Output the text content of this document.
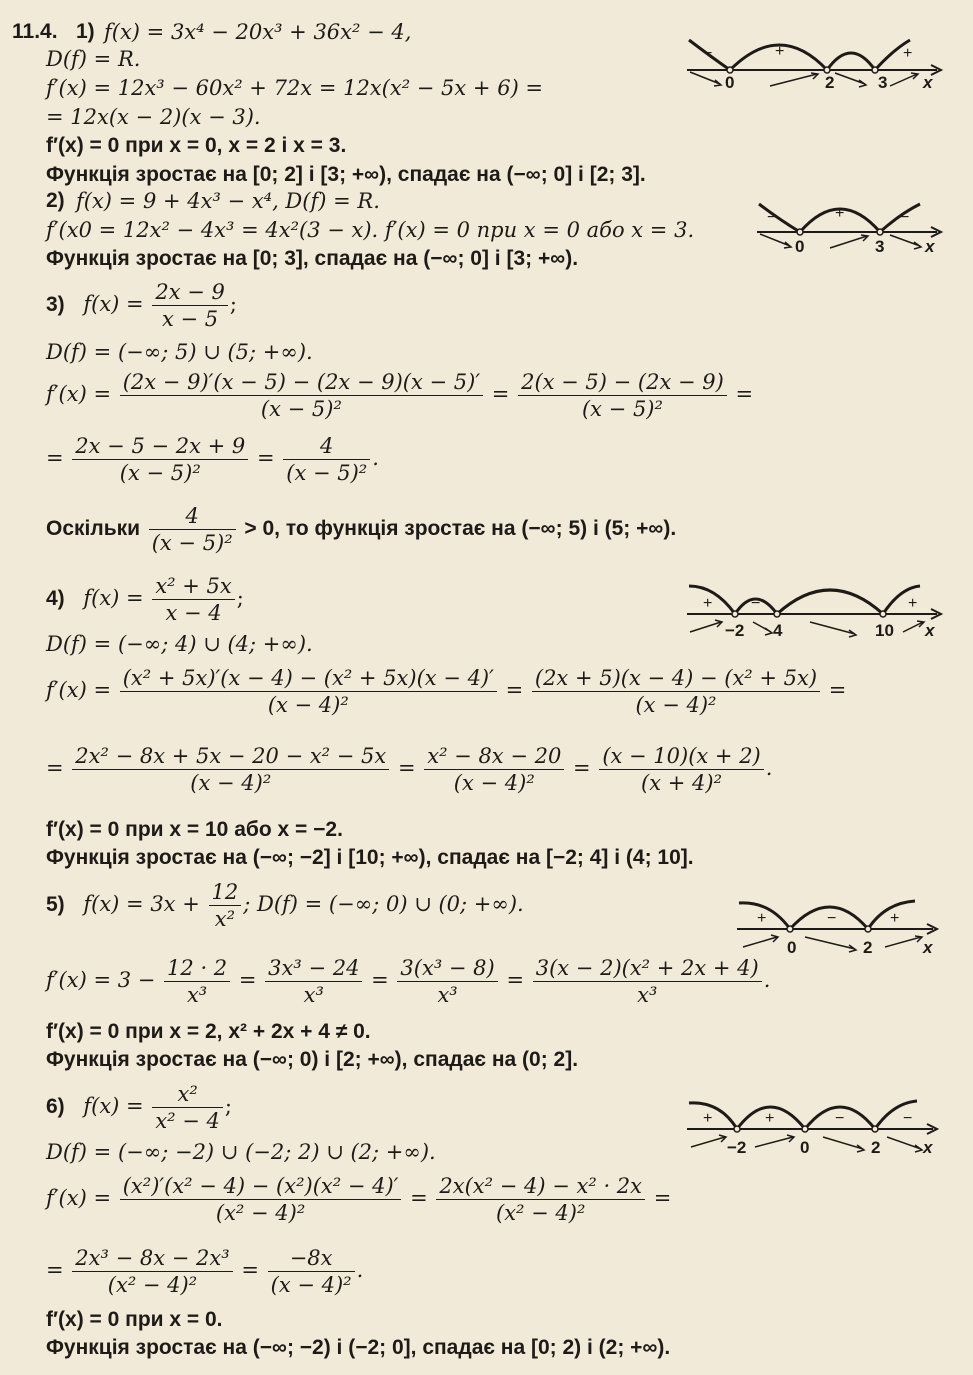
11.4. 1) f(x) = 3x⁴ − 20x³ + 36x² − 4,
D(f) = R.
f′(x) = 12x³ − 60x² + 72x = 12x(x² − 5x + 6) =
= 12x(x − 2)(x − 3).
f′(x) = 0 при x = 0, x = 2 і x = 3.
Функція зростає на [0; 2] і [3; +∞), спадає на (−∞; 0] і [2; 3].
−	+	−	+
0	2	3 x
2) f(x) = 9 + 4x³ − x⁴, D(f) = R.
f′(x0 = 12x² − 4x³ = 4x²(3 − x). f′(x) = 0 при x = 0 або x = 3.
Функція зростає на [0; 3], спадає на (−∞; 0] і [3; +∞).
−	+	−
0	3 x
3) $f(x) = \frac{2x - 9}{x - 5}$ ;
D(f) = (−∞; 5) ∪ (5; +∞).
$f'(x) = \frac{(2x - 9)'(x - 5) - (2x - 9)(x - 5)'}{\text{(x − 5)²}} = \frac{2(x - 5) - (2x - 9)}{\text{(x − 5)²}}$ =
= $\frac{2x - 5 - 2x + 9}{\text{(x − 5)²}} = \frac{4}{\text{(x − 5)²}}$ .
Оскільки $\frac{4}{\text{(x − 5)²}} > 0$, то функція зростає на (−∞; 5) і (5; +∞).
4) $f(x) = \frac{\text{x² + 5x}}{x - 4}$ ;
D(f) = (−∞; 4) ∪ (4; +∞).
+ −	+
−2 4	10 x
$f'(x) = \frac{\text{(x² + 5x)′(x − 4) − (x² + 5x)(x − 4)′}}{\text{(x − 4)²}} = \frac{\text{(2x + 5)(x − 4) − (x² + 5x)}}{\text{(x − 4)²}}$ =
= $\frac{\text{2x² − 8x + 5x − 20 − x² − 5x}}{\text{(x − 4)²}} = \frac{\text{x² − 8x − 20}}{\text{(x − 4)²}} = \frac{(x - 10)(x + 2)}{\text{(x + 4)²}}$ .
f′(x) = 0 при x = 10 або x = −2.
Функція зростає на (−∞; −2] і [10; +∞), спадає на [−2; 4] і (4; 10].
5) $f(x) = 3x + \frac{12}{\text{x²}}$ ; D(f) = (−∞; 0) ∪ (0; +∞).
+	−	+
0	2	x
$f'(x) = 3 - \frac{12 \cdot 2}{\text{x³}} = \frac{\text{3x³ − 24}}{\text{x³}} = \frac{\text{3(x³ − 8)}}{\text{x³}} = \frac{\text{3(x − 2)(x² + 2x + 4)}}{\text{x³}}$ .
f′(x) = 0 при x = 2, x² + 2x + 4 ≠ 0.
Функція зростає на (−∞; 0) і [2; +∞), спадає на (0; 2].
6) $f(x) = \frac{\text{x²}}{\text{x² − 4}}$ ;
+	+	−	−
−2	0	2	x
D(f) = (−∞; −2) ∪ (−2; 2) ∪ (2; +∞).
$f'(x) = \frac{\text{(x²)′(x² − 4) − (x²)(x² − 4)′}}{\text{(x² − 4)²}} = \frac{\text{2x(x² − 4) − x² · 2x}}{\text{(x² − 4)²}}$ =
= $\frac{\text{2x³ − 8x − 2x³}}{\text{(x² − 4)²}} = \frac{-8x}{\text{(x − 4)²}}$ .
f′(x) = 0 при x = 0.
Функція зростає на (−∞; −2) і (−2; 0], спадає на [0; 2) і (2; +∞).
